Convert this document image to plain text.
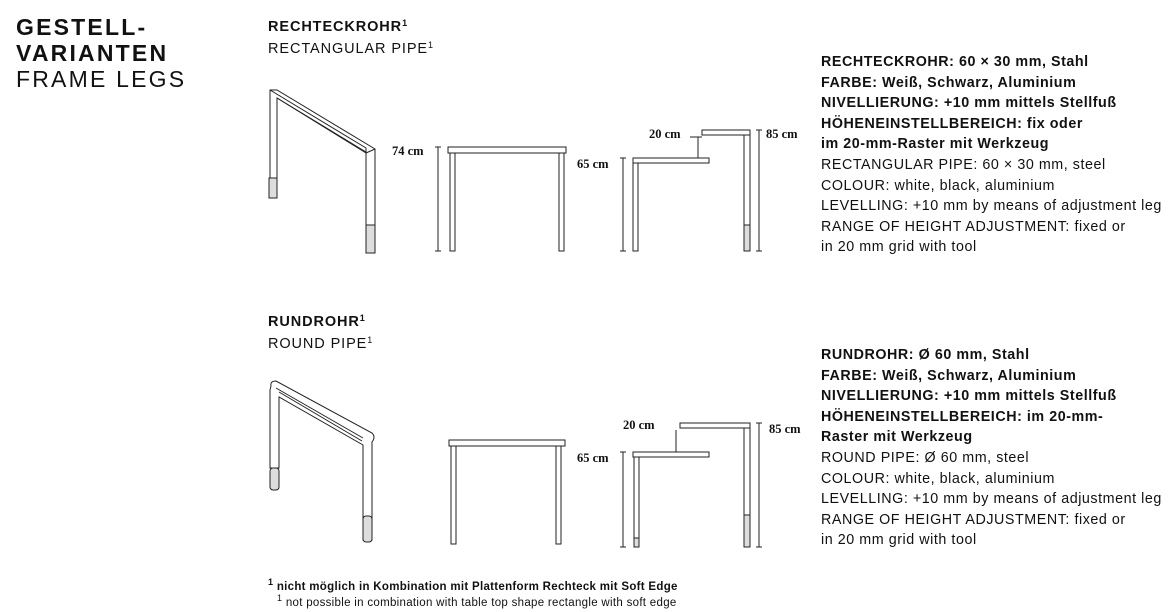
GESTELL-
VARIANTEN
FRAME LEGS
RECHTECKROHR$^1$
RECTANGULAR PIPE$^1$
RUNDROHR$^1$
ROUND PIPE$^1$
74 cm
65 cm
20 cm	85 cm
65 cm
20 cm	85 cm
RECHTECKROHR: 60 × 30 mm, Stahl
FARBE: Weiß, Schwarz, Aluminium
NIVELLIERUNG: +10 mm mittels Stellfuß
HÖHENEINSTELLBEREICH: fix oder
im 20-mm-Raster mit Werkzeug
RECTANGULAR PIPE: 60 × 30 mm, steel
COLOUR: white, black, aluminium
LEVELLING: +10 mm by means of adjustment leg
RANGE OF HEIGHT ADJUSTMENT: fixed or
in 20 mm grid with tool
RUNDROHR: Ø 60 mm, Stahl
FARBE: Weiß, Schwarz, Aluminium
NIVELLIERUNG: +10 mm mittels Stellfuß
HÖHENEINSTELLBEREICH: im 20-mm-
Raster mit Werkzeug
ROUND PIPE: Ø 60 mm, steel
COLOUR: white, black, aluminium
LEVELLING: +10 mm by means of adjustment leg
RANGE OF HEIGHT ADJUSTMENT: fixed or
in 20 mm grid with tool
$^1$ nicht möglich in Kombination mit Plattenform Rechteck mit Soft Edge
$^1$ not possible in combination with table top shape rectangle with soft edge
